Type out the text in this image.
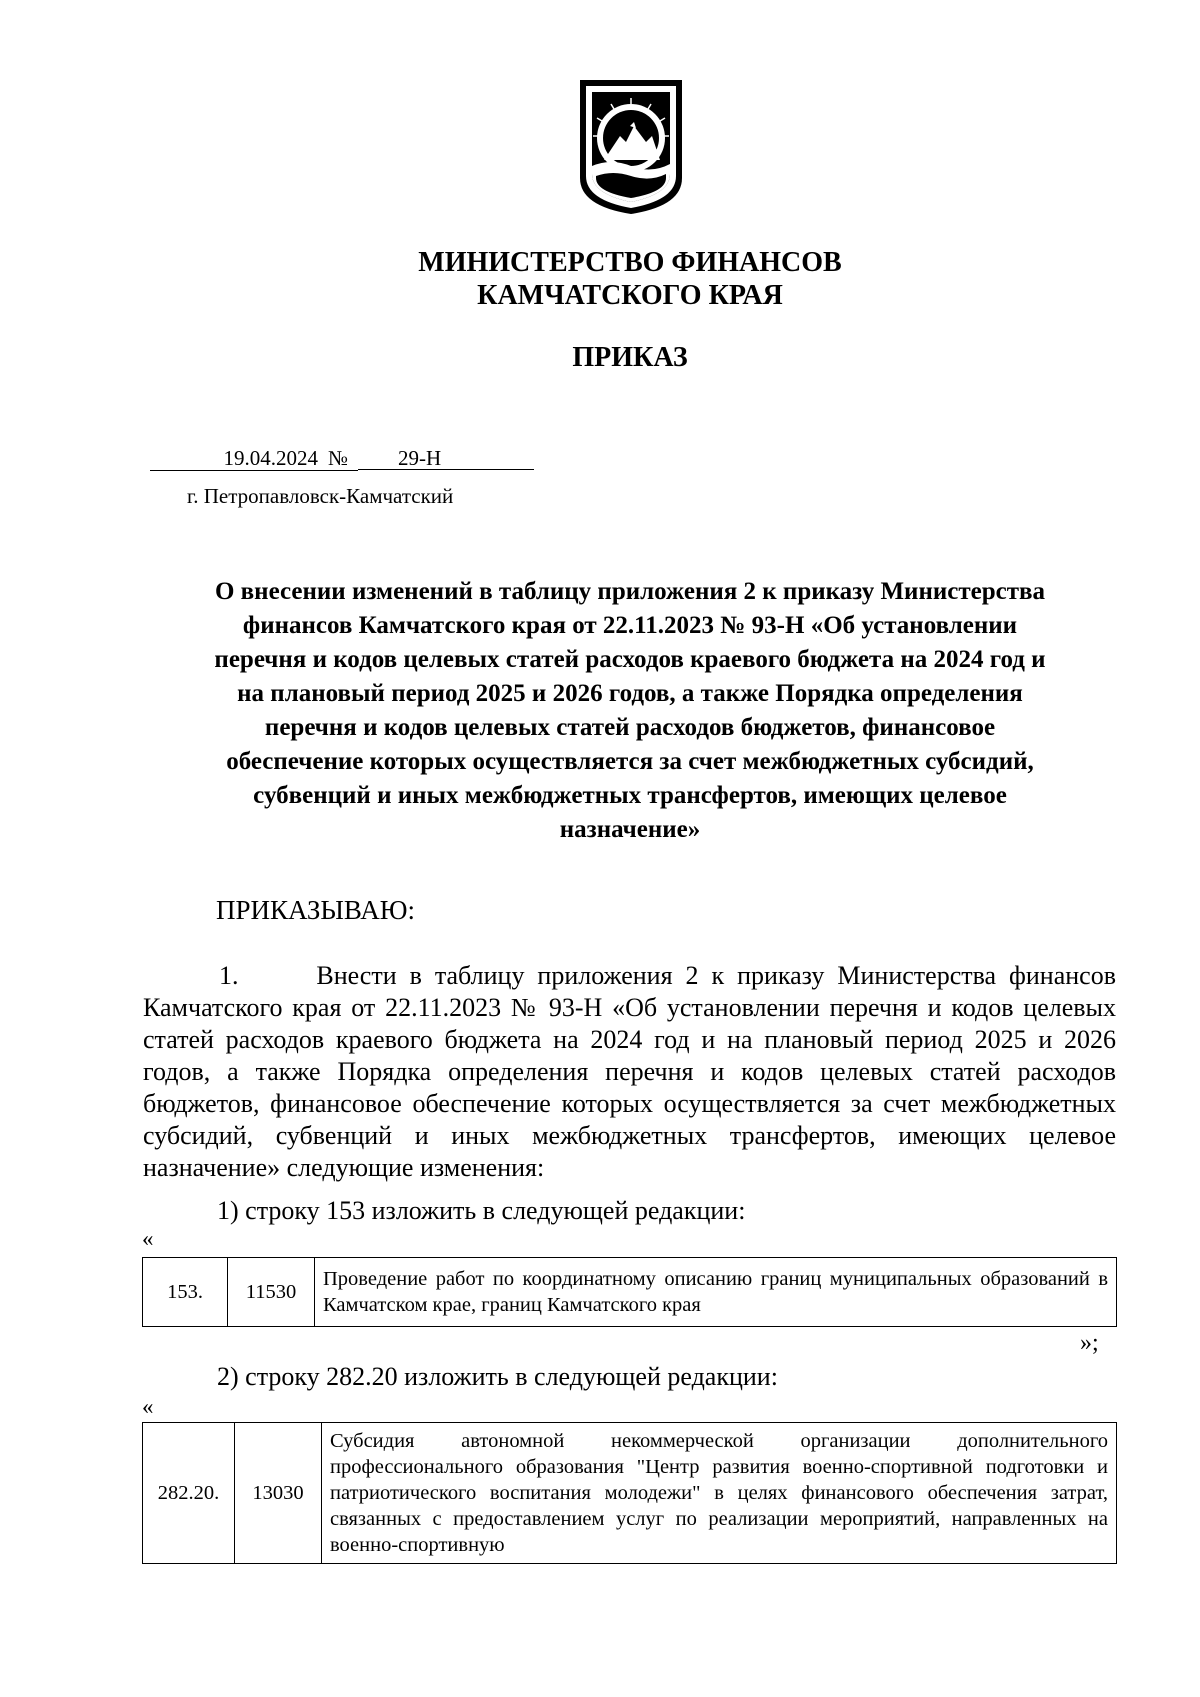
МИНИСТЕРСТВО ФИНАНСОВ
КАМЧАТСКОГО КРАЯ
ПРИКАЗ
19.04.2024 №	29-Н
г. Петропавловск-Камчатский
О внесении изменений в таблицу приложения 2 к приказу Министерства
финансов Камчатского края от 22.11.2023 № 93-Н «Об установлении
перечня и кодов целевых статей расходов краевого бюджета на 2024 год и
на плановый период 2025 и 2026 годов, а также Порядка определения
перечня и кодов целевых статей расходов бюджетов, финансовое
обеспечение которых осуществляется за счет межбюджетных субсидий,
субвенций и иных межбюджетных трансфертов, имеющих целевое
назначение»
ПРИКАЗЫВАЮ:
1.      Внести в таблицу приложения 2 к приказу Министерства финансов Камчатского края от 22.11.2023 № 93-Н «Об установлении перечня и кодов целевых статей расходов краевого бюджета на 2024 год и на плановый период 2025 и 2026 годов, а также Порядка определения перечня и кодов целевых статей расходов бюджетов, финансовое обеспечение которых осуществляется за счет межбюджетных субсидий, субвенций и иных межбюджетных трансфертов, имеющих целевое назначение» следующие изменения:
1) строку 153 изложить в следующей редакции:
«
153.	11530	Проведение работ по координатному описанию границ муниципальных образований в Камчатском крае, границ Камчатского края
»;
2) строку 282.20 изложить в следующей редакции:
«
282.20.	13030	Субсидия автономной некоммерческой организации дополнительного профессионального образования "Центр развития военно-спортивной подготовки и патриотического воспитания молодежи" в целях финансового обеспечения затрат, связанных с предоставлением услуг по реализации мероприятий, направленных на военно-спортивную
